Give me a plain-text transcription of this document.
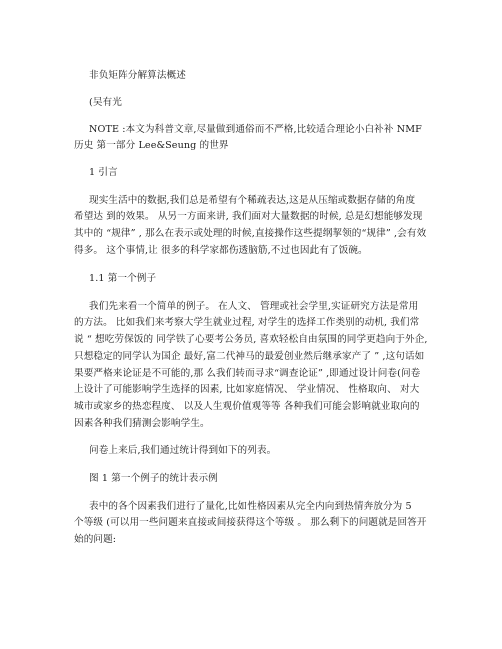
非负矩阵分解算法概述
(吴有光
NOTE :本文为科普文章,尽量做到通俗而不严格,比较适合理论小白补补 NMF
历史 第一部分 Lee&Seung 的世界
1 引言
现实生活中的数据,我们总是希望有个稀疏表达,这是从压缩或数据存储的角度
希望达 到的效果。 从另一方面来讲, 我们面对大量数据的时候, 总是幻想能够发现
其中的 “规律” , 那么在表示或处理的时候,直接操作这些提纲挈领的“规律” ,会有效
得多。 这个事情,让 很多的科学家都伤透脑筋,不过也因此有了饭碗。
1.1 第一个例子
我们先来看一个简单的例子。 在人文、 管理或社会学里,实证研究方法是常用
的方法。 比如我们来考察大学生就业过程, 对学生的选择工作类别的动机, 我们常
说 “ 想吃劳保饭的 同学铁了心要考公务员, 喜欢轻松自由氛围的同学更趋向于外企,
只想稳定的同学认为国企 最好,富二代神马的最爱创业然后继承家产了 ” ,这句话如
果要严格来论证是不可能的,那 么我们转而寻求“调查论证” ,即通过设计问卷(问卷
上设计了可能影响学生选择的因素, 比如家庭情况、 学业情况、 性格取向、 对大
城市或家乡的热恋程度、 以及人生观价值观等等 各种我们可能会影响就业取向的
因素各种我们猜测会影响学生。
问卷上来后,我们通过统计得到如下的列表。
图 1 第一个例子的统计表示例
表中的各个因素我们进行了量化,比如性格因素从完全内向到热情奔放分为 5
个等级 (可以用一些问题来直接或间接获得这个等级 。 那么剩下的问题就是回答开
始的问题:
